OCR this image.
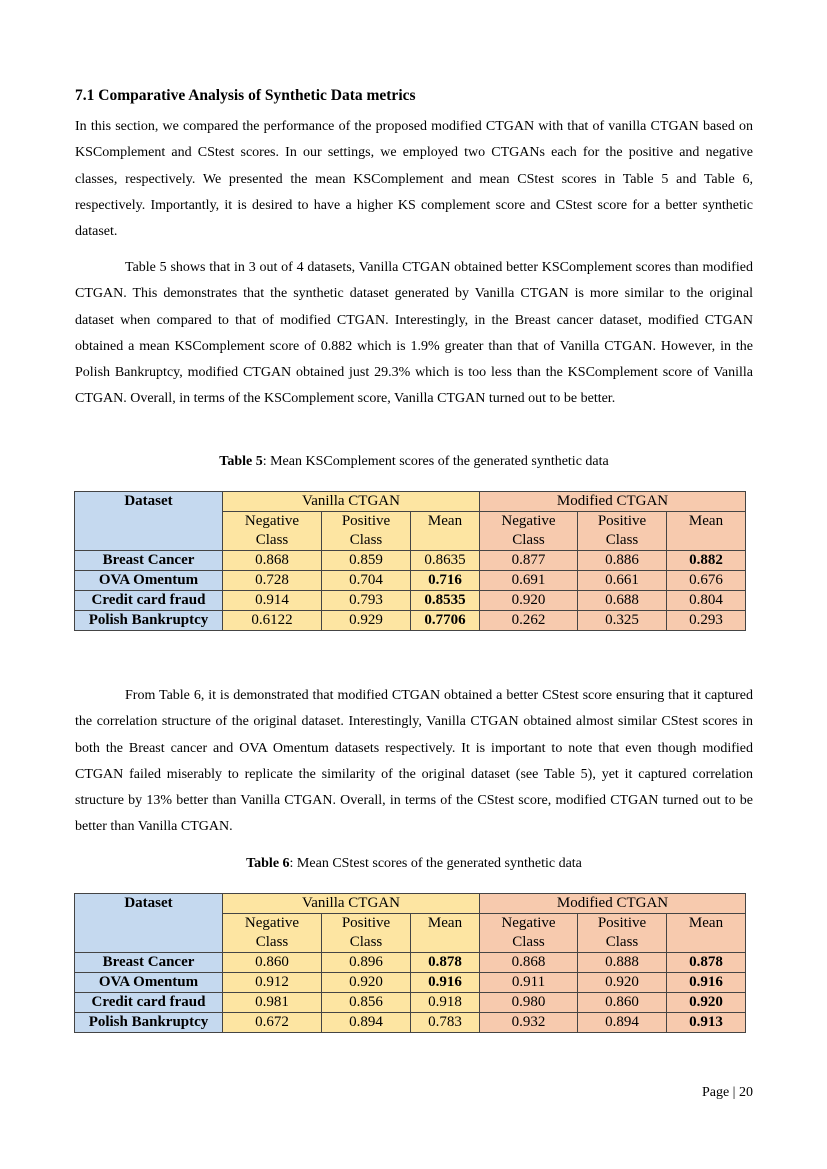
7.1 Comparative Analysis of Synthetic Data metrics

In this section, we compared the performance of the proposed modified CTGAN with that of vanilla CTGAN based on KSComplement and CStest scores. In our settings, we employed two CTGANs each for the positive and negative classes, respectively. We presented the mean KSComplement and mean CStest scores in Table 5 and Table 6, respectively. Importantly, it is desired to have a higher KS complement score and CStest score for a better synthetic dataset.

Table 5 shows that in 3 out of 4 datasets, Vanilla CTGAN obtained better KSComplement scores than modified CTGAN. This demonstrates that the synthetic dataset generated by Vanilla CTGAN is more similar to the original dataset when compared to that of modified CTGAN. Interestingly, in the Breast cancer dataset, modified CTGAN obtained a mean KSComplement score of 0.882 which is 1.9% greater than that of Vanilla CTGAN. However, in the Polish Bankruptcy, modified CTGAN obtained just 29.3% which is too less than the KSComplement score of Vanilla CTGAN. Overall, in terms of the KSComplement score, Vanilla CTGAN turned out to be better.

Table 5: Mean KSComplement scores of the generated synthetic data
Dataset	Vanilla CTGAN			Modified CTGAN		
	Negative Class	Positive Class	Mean	Negative Class	Positive Class	Mean
Breast Cancer	0.868	0.859	0.8635	0.877	0.886	0.882
OVA Omentum	0.728	0.704	0.716	0.691	0.661	0.676
Credit card fraud	0.914	0.793	0.8535	0.920	0.688	0.804
Polish Bankruptcy	0.6122	0.929	0.7706	0.262	0.325	0.293

From Table 6, it is demonstrated that modified CTGAN obtained a better CStest score ensuring that it captured the correlation structure of the original dataset. Interestingly, Vanilla CTGAN obtained almost similar CStest scores in both the Breast cancer and OVA Omentum datasets respectively. It is important to note that even though modified CTGAN failed miserably to replicate the similarity of the original dataset (see Table 5), yet it captured correlation structure by 13% better than Vanilla CTGAN. Overall, in terms of the CStest score, modified CTGAN turned out to be better than Vanilla CTGAN.

Table 6: Mean CStest scores of the generated synthetic data
Dataset	Vanilla CTGAN			Modified CTGAN		
	Negative Class	Positive Class	Mean	Negative Class	Positive Class	Mean
Breast Cancer	0.860	0.896	0.878	0.868	0.888	0.878
OVA Omentum	0.912	0.920	0.916	0.911	0.920	0.916
Credit card fraud	0.981	0.856	0.918	0.980	0.860	0.920
Polish Bankruptcy	0.672	0.894	0.783	0.932	0.894	0.913
Page | 20
